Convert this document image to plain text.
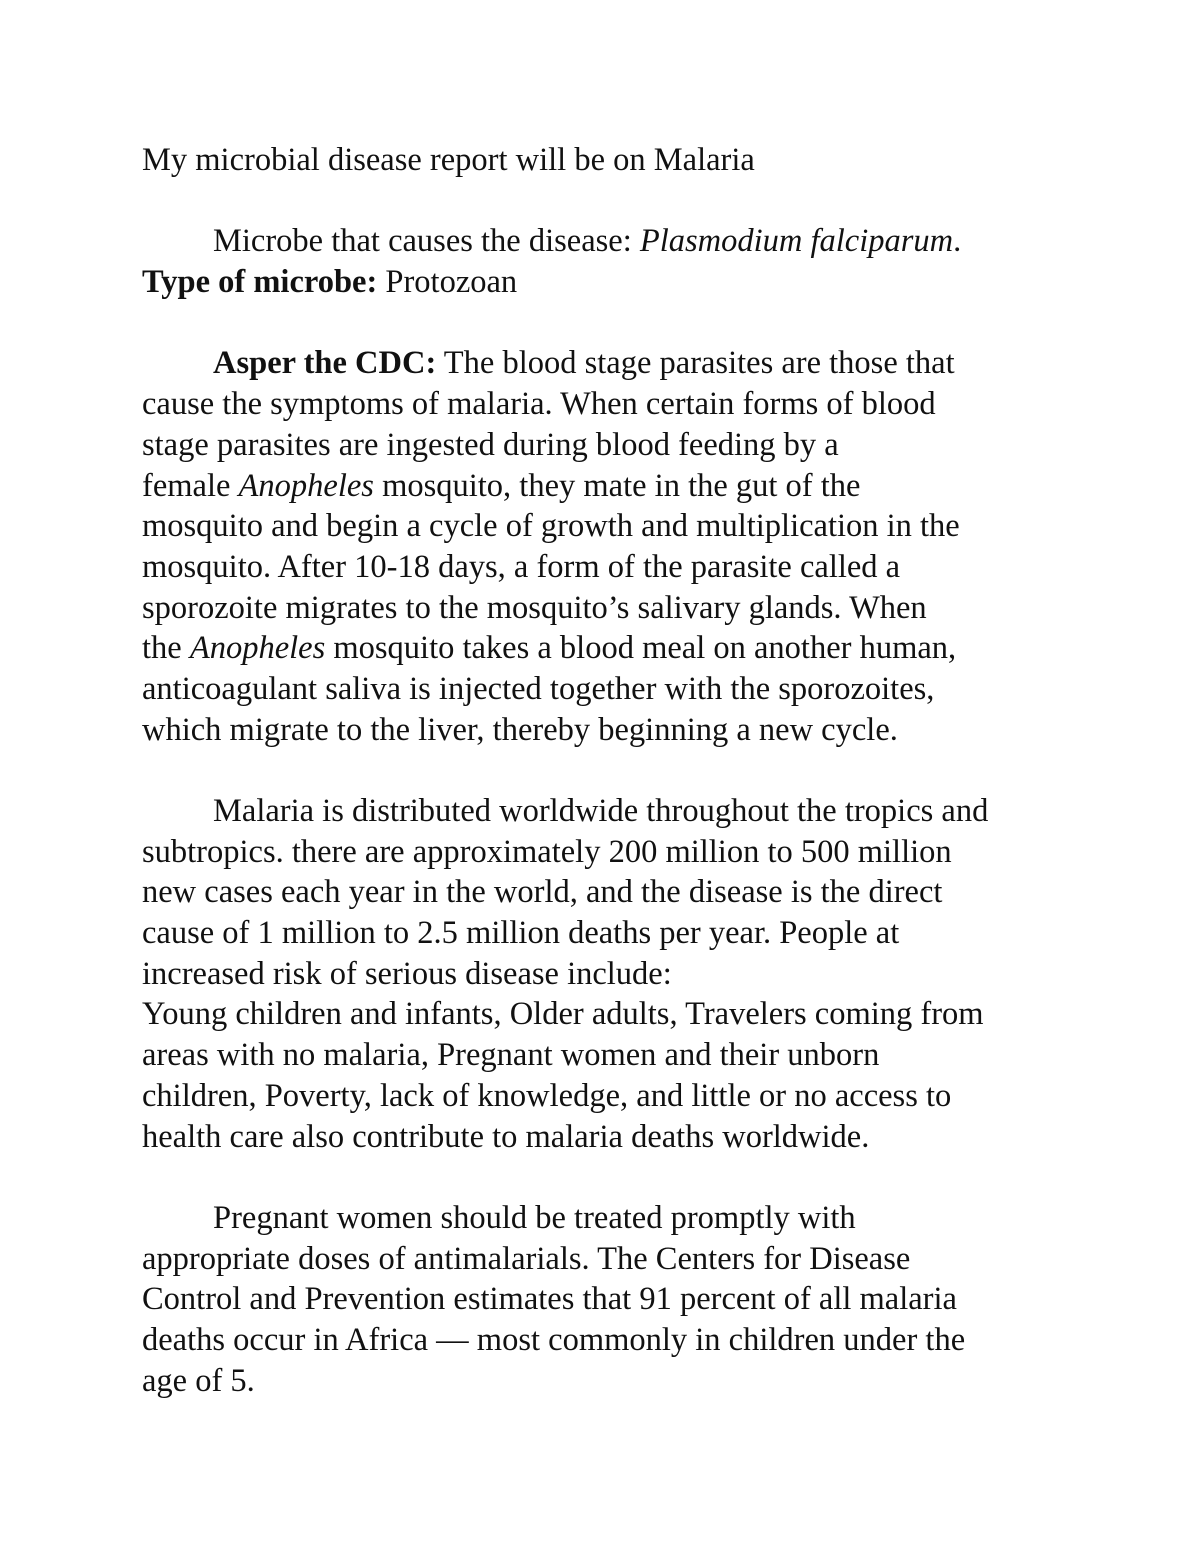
My microbial disease report will be on Malaria
Microbe that causes the disease: Plasmodium falciparum.
Type of microbe: Protozoan
Asper the CDC: The blood stage parasites are those that
cause the symptoms of malaria. When certain forms of blood
stage parasites are ingested during blood feeding by a
female Anopheles mosquito, they mate in the gut of the
mosquito and begin a cycle of growth and multiplication in the
mosquito. After 10-18 days, a form of the parasite called a
sporozoite migrates to the mosquito’s salivary glands. When
the Anopheles mosquito takes a blood meal on another human,
anticoagulant saliva is injected together with the sporozoites,
which migrate to the liver, thereby beginning a new cycle.
Malaria is distributed worldwide throughout the tropics and
subtropics. there are approximately 200 million to 500 million
new cases each year in the world, and the disease is the direct
cause of 1 million to 2.5 million deaths per year. People at
increased risk of serious disease include:
Young children and infants, Older adults, Travelers coming from
areas with no malaria, Pregnant women and their unborn
children, Poverty, lack of knowledge, and little or no access to
health care also contribute to malaria deaths worldwide.
Pregnant women should be treated promptly with
appropriate doses of antimalarials. The Centers for Disease
Control and Prevention estimates that 91 percent of all malaria
deaths occur in Africa — most commonly in children under the
age of 5.
